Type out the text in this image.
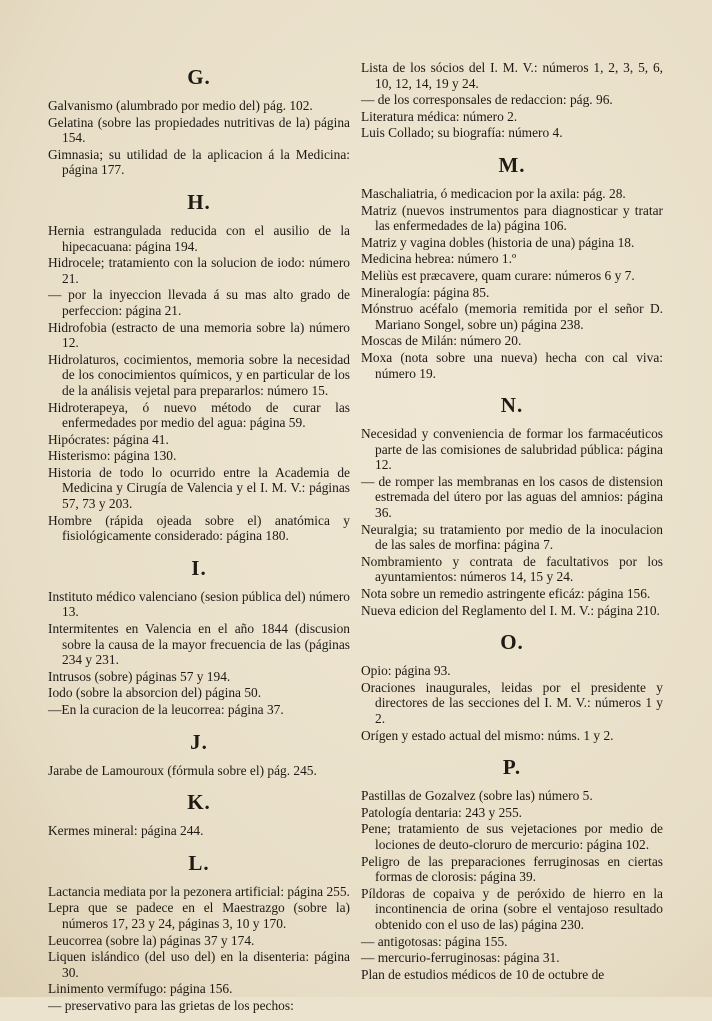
G.
Galvanismo (alumbrado por medio del) pág. 102.
Gelatina (sobre las propiedades nutritivas de la) página 154.
Gimnasia; su utilidad de la aplicacion á la Medicina: página 177.
H.
Hernia estrangulada reducida con el ausilio de la hipecacuana: página 194.
Hidrocele; tratamiento con la solucion de iodo: número 21.
— por la inyeccion llevada á su mas alto grado de perfeccion: página 21.
Hidrofobia (estracto de una memoria sobre la) número 12.
Hidrolaturos, cocimientos, memoria sobre la necesidad de los conocimientos químicos, y en particular de los de la análisis vejetal para prepararlos: número 15.
Hidroterapeya, ó nuevo método de curar las enfermedades por medio del agua: página 59.
Hipócrates: página 41.
Histerismo: página 130.
Historia de todo lo ocurrido entre la Academia de Medicina y Cirugía de Valencia y el I. M. V.: páginas 57, 73 y 203.
Hombre (rápida ojeada sobre el) anatómica y fisiológicamente considerado: página 180.
I.
Instituto médico valenciano (sesion pública del) número 13.
Intermitentes en Valencia en el año 1844 (discusion sobre la causa de la mayor frecuencia de las (páginas 234 y 231.
Intrusos (sobre) páginas 57 y 194.
Iodo (sobre la absorcion del) página 50.
—En la curacion de la leucorrea: página 37.
J.
Jarabe de Lamouroux (fórmula sobre el) pág. 245.
K.
Kermes mineral: página 244.
L.
Lactancia mediata por la pezonera artificial: página 255.
Lepra que se padece en el Maestrazgo (sobre la) números 17, 23 y 24, páginas 3, 10 y 170.
Leucorrea (sobre la) páginas 37 y 174.
Liquen islándico (del uso del) en la disenteria: página 30.
Linimento vermífugo: página 156.
— preservativo para las grietas de los pechos:
Lista de los sócios del I. M. V.: números 1, 2, 3, 5, 6, 10, 12, 14, 19 y 24.
— de los corresponsales de redaccion: pág. 96.
Literatura médica: número 2.
Luis Collado; su biografía: número 4.
M.
Maschaliatria, ó medicacion por la axila: pág. 28.
Matriz (nuevos instrumentos para diagnosticar y tratar las enfermedades de la) página 106.
Matriz y vagina dobles (historia de una) página 18.
Medicina hebrea: número 1.º
Meliùs est præcavere, quam curare: números 6 y 7.
Mineralogía: página 85.
Mónstruo acéfalo (memoria remitida por el señor D. Mariano Songel, sobre un) página 238.
Moscas de Milán: número 20.
Moxa (nota sobre una nueva) hecha con cal viva: número 19.
N.
Necesidad y conveniencia de formar los farmacéuticos parte de las comisiones de salubridad pública: página 12.
— de romper las membranas en los casos de distension estremada del útero por las aguas del amnios: página 36.
Neuralgia; su tratamiento por medio de la inoculacion de las sales de morfina: página 7.
Nombramiento y contrata de facultativos por los ayuntamientos: números 14, 15 y 24.
Nota sobre un remedio astringente eficáz: página 156.
Nueva edicion del Reglamento del I. M. V.: página 210.
O.
Opio: página 93.
Oraciones inaugurales, leidas por el presidente y directores de las secciones del I. M. V.: números 1 y 2.
Orígen y estado actual del mismo: núms. 1 y 2.
P.
Pastillas de Gozalvez (sobre las) número 5.
Patología dentaria: 243 y 255.
Pene; tratamiento de sus vejetaciones por medio de lociones de deuto-cloruro de mercurio: página 102.
Peligro de las preparaciones ferruginosas en ciertas formas de clorosis: página 39.
Píldoras de copaiva y de peróxido de hierro en la incontinencia de orina (sobre el ventajoso resultado obtenido con el uso de las) página 230.
— antigotosas: página 155.
— mercurio-ferruginosas: página 31.
Plan de estudios médicos de 10 de octubre de
